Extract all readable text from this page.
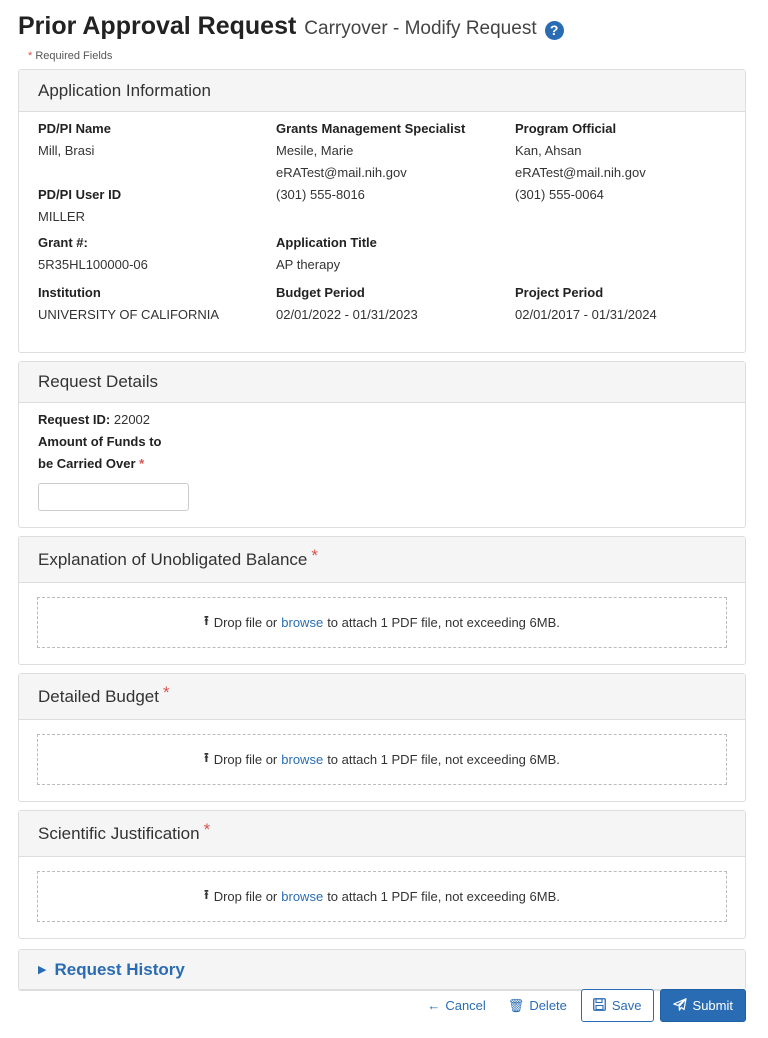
Prior Approval Request Carryover - Modify Request ?
* Required Fields
Application Information
PD/PI Name
Mill, Brasi
PD/PI User ID
MILLER
Grant #:
5R35HL100000-06
Institution
UNIVERSITY OF CALIFORNIA
Grants Management Specialist
Mesile, Marie
eRATest@mail.nih.gov
(301) 555-8016
Application Title
AP therapy
Budget Period
02/01/2022 - 01/31/2023
Program Official
Kan, Ahsan
eRATest@mail.nih.gov
(301) 555-0064
Project Period
02/01/2017 - 01/31/2024
Request Details
Request ID: 22002
Amount of Funds to
be Carried Over *
Explanation of Unobligated Balance *
⭱ Drop file or browse to attach 1 PDF file, not exceeding 6MB.
Detailed Budget *
⭱ Drop file or browse to attach 1 PDF file, not exceeding 6MB.
Scientific Justification *
⭱ Drop file or browse to attach 1 PDF file, not exceeding 6MB.
▶ Request History
← Cancel 🗑 Delete	Save	Submit
